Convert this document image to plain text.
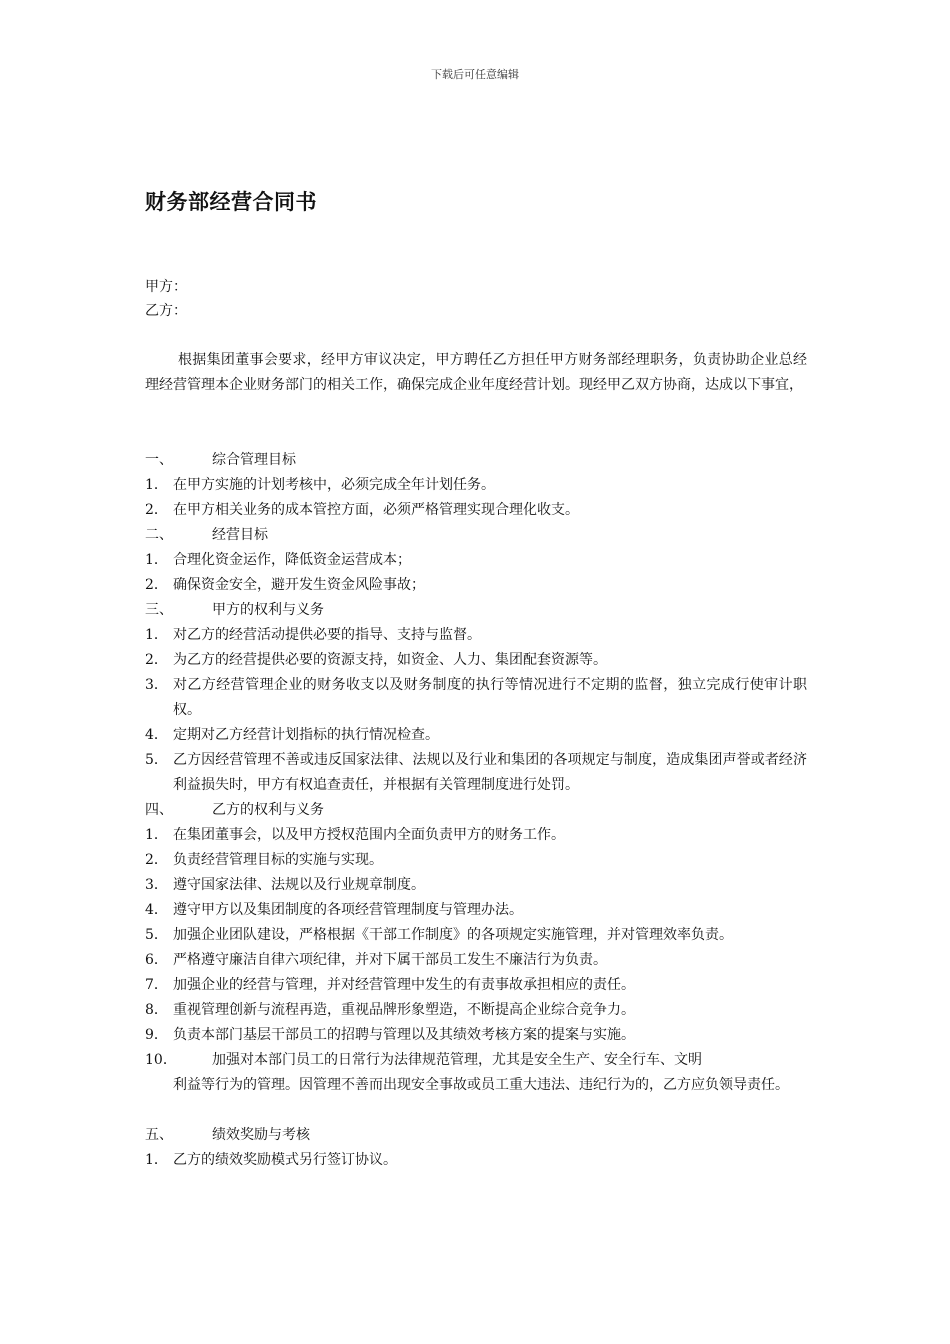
下载后可任意编辑
财务部经营合同书
甲方：
乙方：

根据集团董事会要求，经甲方审议决定，甲方聘任乙方担任甲方财务部经理职务，负责协助企业总经理经营管理本企业财务部门的相关工作，确保完成企业年度经营计划。现经甲乙双方协商，达成以下事宜，

一、	综合管理目标
1． 在甲方实施的计划考核中，必须完成全年计划任务。
2． 在甲方相关业务的成本管控方面，必须严格管理实现合理化收支。
二、	经营目标
1． 合理化资金运作，降低资金运营成本；
2． 确保资金安全，避开发生资金风险事故；
三、	甲方的权利与义务
1． 对乙方的经营活动提供必要的指导、支持与监督。
2． 为乙方的经营提供必要的资源支持，如资金、人力、集团配套资源等。
3． 对乙方经营管理企业的财务收支以及财务制度的执行等情况进行不定期的监督，独立完成行使审计职权。
4． 定期对乙方经营计划指标的执行情况检查。
5． 乙方因经营管理不善或违反国家法律、法规以及行业和集团的各项规定与制度，造成集团声誉或者经济利益损失时，甲方有权追查责任，并根据有关管理制度进行处罚。
四、	乙方的权利与义务
1． 在集团董事会，以及甲方授权范围内全面负责甲方的财务工作。
2． 负责经营管理目标的实施与实现。
3． 遵守国家法律、法规以及行业规章制度。
4． 遵守甲方以及集团制度的各项经营管理制度与管理办法。
5． 加强企业团队建设，严格根据《干部工作制度》的各项规定实施管理，并对管理效率负责。
6． 严格遵守廉洁自律六项纪律，并对下属干部员工发生不廉洁行为负责。
7． 加强企业的经营与管理，并对经营管理中发生的有责事故承担相应的责任。
8． 重视管理创新与流程再造，重视品牌形象塑造，不断提高企业综合竞争力。
9． 负责本部门基层干部员工的招聘与管理以及其绩效考核方案的提案与实施。
10．	加强对本部门员工的日常行为法律规范管理，尤其是安全生产、安全行车、文明
利益等行为的管理。因管理不善而出现安全事故或员工重大违法、违纪行为的，乙方应负领导责任。
五、	绩效奖励与考核
1． 乙方的绩效奖励模式另行签订协议。
